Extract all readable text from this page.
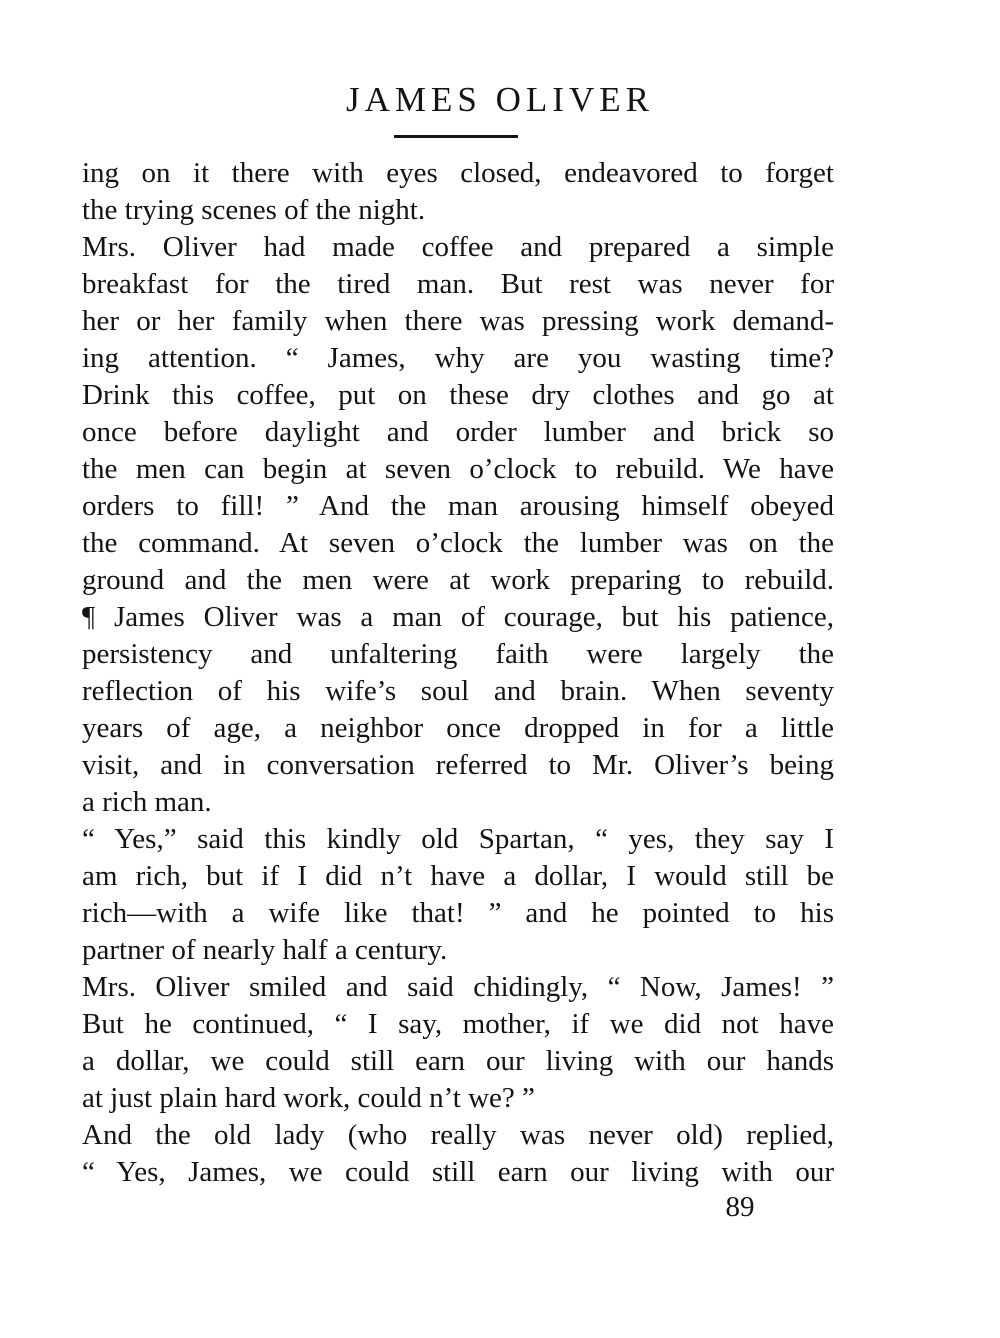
JAMES OLIVER
ing on it there with eyes closed, endeavored to forget
the trying scenes of the night.
Mrs. Oliver had made coffee and prepared a simple
breakfast for the tired man. But rest was never for
her or her family when there was pressing work demand-
ing attention. “ James, why are you wasting time?
Drink this coffee, put on these dry clothes and go at
once before daylight and order lumber and brick so
the men can begin at seven o’clock to rebuild. We have
orders to fill! ” And the man arousing himself obeyed
the command. At seven o’clock the lumber was on the
ground and the men were at work preparing to rebuild.
¶ James Oliver was a man of courage, but his patience,
persistency and unfaltering faith were largely the
reflection of his wife’s soul and brain. When seventy
years of age, a neighbor once dropped in for a little
visit, and in conversation referred to Mr. Oliver’s being
a rich man.
“ Yes,” said this kindly old Spartan, “ yes, they say I
am rich, but if I did n’t have a dollar, I would still be
rich—with a wife like that! ” and he pointed to his
partner of nearly half a century.
Mrs. Oliver smiled and said chidingly, “ Now, James! ”
But he continued, “ I say, mother, if we did not have
a dollar, we could still earn our living with our hands
at just plain hard work, could n’t we? ”
And the old lady (who really was never old) replied,
“ Yes, James, we could still earn our living with our
89
